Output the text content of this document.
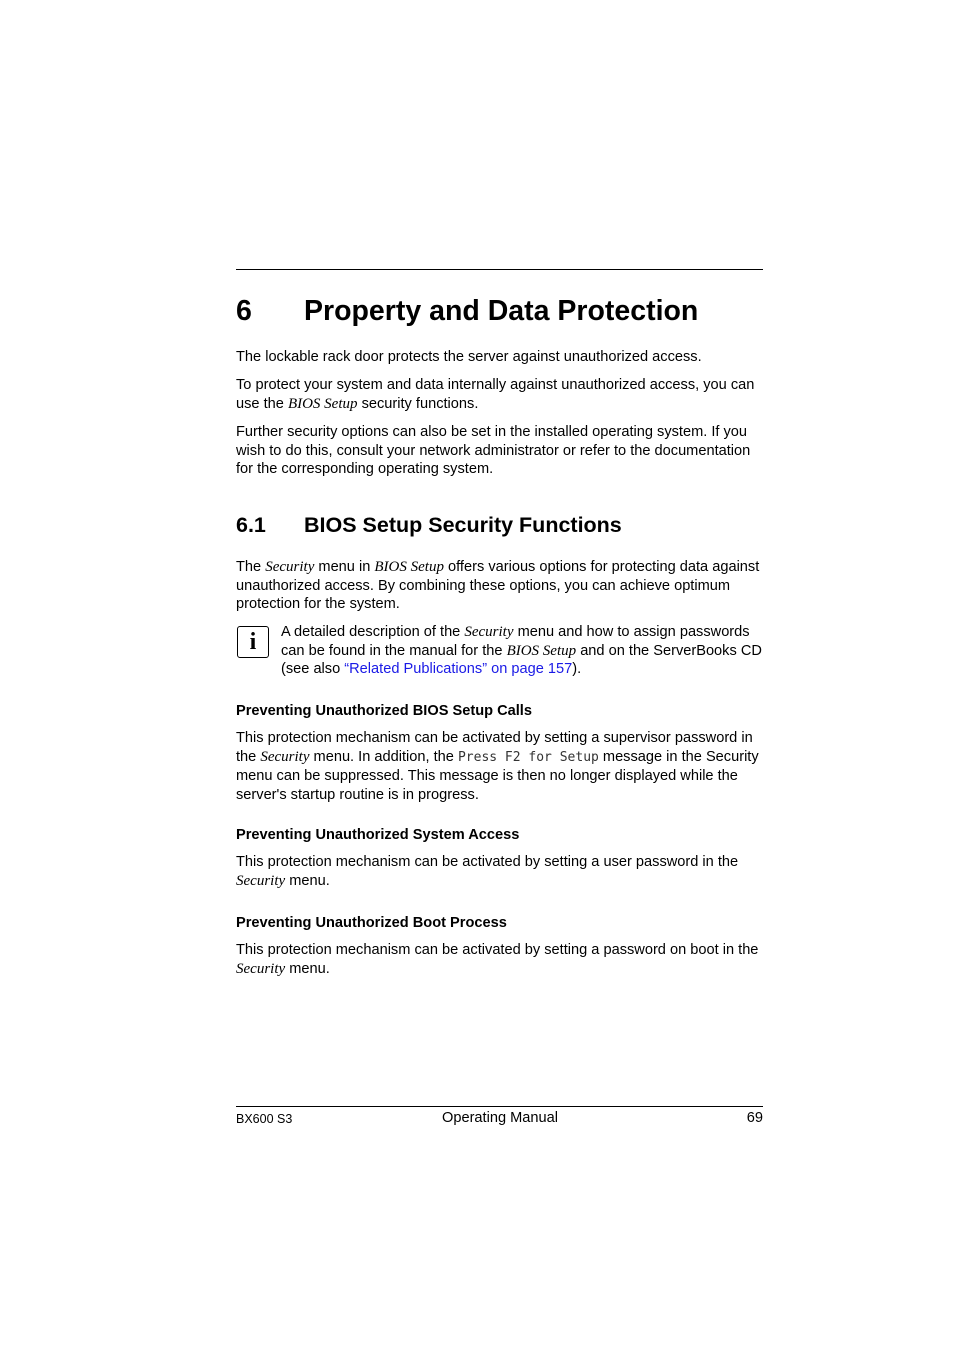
6 Property and Data Protection

The lockable rack door protects the server against unauthorized access.

To protect your system and data internally against unauthorized access, you can use the BIOS Setup security functions.

Further security options can also be set in the installed operating system. If you wish to do this, consult your network administrator or refer to the documentation for the corresponding operating system.

6.1 BIOS Setup Security Functions

The Security menu in BIOS Setup offers various options for protecting data against unauthorized access. By combining these options, you can achieve optimum protection for the system.

i A detailed description of the Security menu and how to assign passwords can be found in the manual for the BIOS Setup and on the ServerBooks CD (see also “Related Publications” on page 157).

Preventing Unauthorized BIOS Setup Calls

This protection mechanism can be activated by setting a supervisor password in the Security menu. In addition, the Press F2 for Setup message in the Security menu can be suppressed. This message is then no longer displayed while the server's startup routine is in progress.

Preventing Unauthorized System Access

This protection mechanism can be activated by setting a user password in the Security menu.

Preventing Unauthorized Boot Process

This protection mechanism can be activated by setting a password on boot in the Security menu.

BX600 S3	Operating Manual	69
